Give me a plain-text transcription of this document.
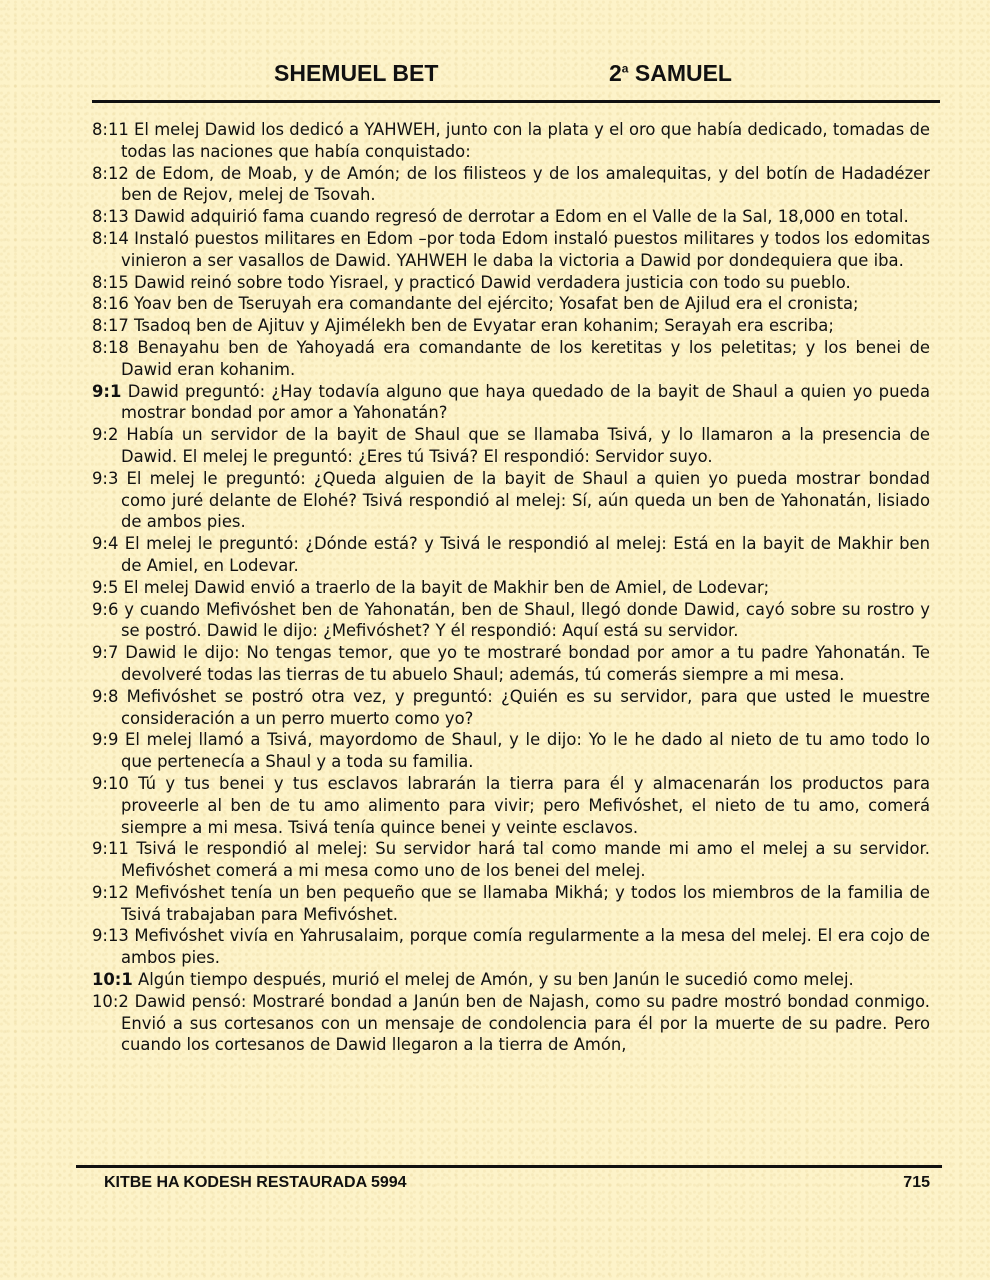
SHEMUEL BET	2$^a$ SAMUEL
8:11 El melej Dawid los dedicó a YAHWEH, junto con la plata y el oro que había dedicado, tomadas de todas las naciones que había conquistado:
8:12 de Edom, de Moab, y de Amón; de los filisteos y de los amalequitas, y del botín de Hadadézer ben de Rejov, melej de Tsovah.
8:13 Dawid adquirió fama cuando regresó de derrotar a Edom en el Valle de la Sal, 18,000 en total.
8:14 Instaló puestos militares en Edom –por toda Edom instaló puestos militares y todos los edomitas vinieron a ser vasallos de Dawid. YAHWEH le daba la victoria a Dawid por dondequiera que iba.
8:15 Dawid reinó sobre todo Yisrael, y practicó Dawid verdadera justicia con todo su pueblo.
8:16 Yoav ben de Tseruyah era comandante del ejército; Yosafat ben de Ajilud era el cronista;
8:17 Tsadoq ben de Ajituv y Ajimélekh ben de Evyatar eran kohanim; Serayah era escriba;
8:18 Benayahu ben de Yahoyadá era comandante de los keretitas y los peletitas; y los benei de Dawid eran kohanim.
9:1 Dawid preguntó: ¿Hay todavía alguno que haya quedado de la bayit de Shaul a quien yo pueda mostrar bondad por amor a Yahonatán?
9:2 Había un servidor de la bayit de Shaul que se llamaba Tsivá, y lo llamaron a la presencia de Dawid. El melej le preguntó: ¿Eres tú Tsivá? El respondió: Servidor suyo.
9:3 El melej le preguntó: ¿Queda alguien de la bayit de Shaul a quien yo pueda mostrar bondad como juré delante de Elohé? Tsivá respondió al melej: Sí, aún queda un ben de Yahonatán, lisiado de ambos pies.
9:4 El melej le preguntó: ¿Dónde está? y Tsivá le respondió al melej: Está en la bayit de Makhir ben de Amiel, en Lodevar.
9:5 El melej Dawid envió a traerlo de la bayit de Makhir ben de Amiel, de Lodevar;
9:6 y cuando Mefivóshet ben de Yahonatán, ben de Shaul, llegó donde Dawid, cayó sobre su rostro y se postró. Dawid le dijo: ¿Mefivóshet? Y él respondió: Aquí está su servidor.
9:7 Dawid le dijo: No tengas temor, que yo te mostraré bondad por amor a tu padre Yahonatán. Te devolveré todas las tierras de tu abuelo Shaul; además, tú comerás siempre a mi mesa.
9:8 Mefivóshet se postró otra vez, y preguntó: ¿Quién es su servidor, para que usted le muestre consideración a un perro muerto como yo?
9:9 El melej llamó a Tsivá, mayordomo de Shaul, y le dijo: Yo le he dado al nieto de tu amo todo lo que pertenecía a Shaul y a toda su familia.
9:10 Tú y tus benei y tus esclavos labrarán la tierra para él y almacenarán los productos para proveerle al ben de tu amo alimento para vivir; pero Mefivóshet, el nieto de tu amo, comerá siempre a mi mesa. Tsivá tenía quince benei y veinte esclavos.
9:11 Tsivá le respondió al melej: Su servidor hará tal como mande mi amo el melej a su servidor. Mefivóshet comerá a mi mesa como uno de los benei del melej.
9:12 Mefivóshet tenía un ben pequeño que se llamaba Mikhá; y todos los miembros de la familia de Tsivá trabajaban para Mefivóshet.
9:13 Mefivóshet vivía en Yahrusalaim, porque comía regularmente a la mesa del melej. El era cojo de ambos pies.
10:1 Algún tiempo después, murió el melej de Amón, y su ben Janún le sucedió como melej.
10:2 Dawid pensó: Mostraré bondad a Janún ben de Najash, como su padre mostró bondad conmigo. Envió a sus cortesanos con un mensaje de condolencia para él por la muerte de su padre. Pero cuando los cortesanos de Dawid llegaron a la tierra de Amón,
KITBE HA KODESH RESTAURADA 5994	715
